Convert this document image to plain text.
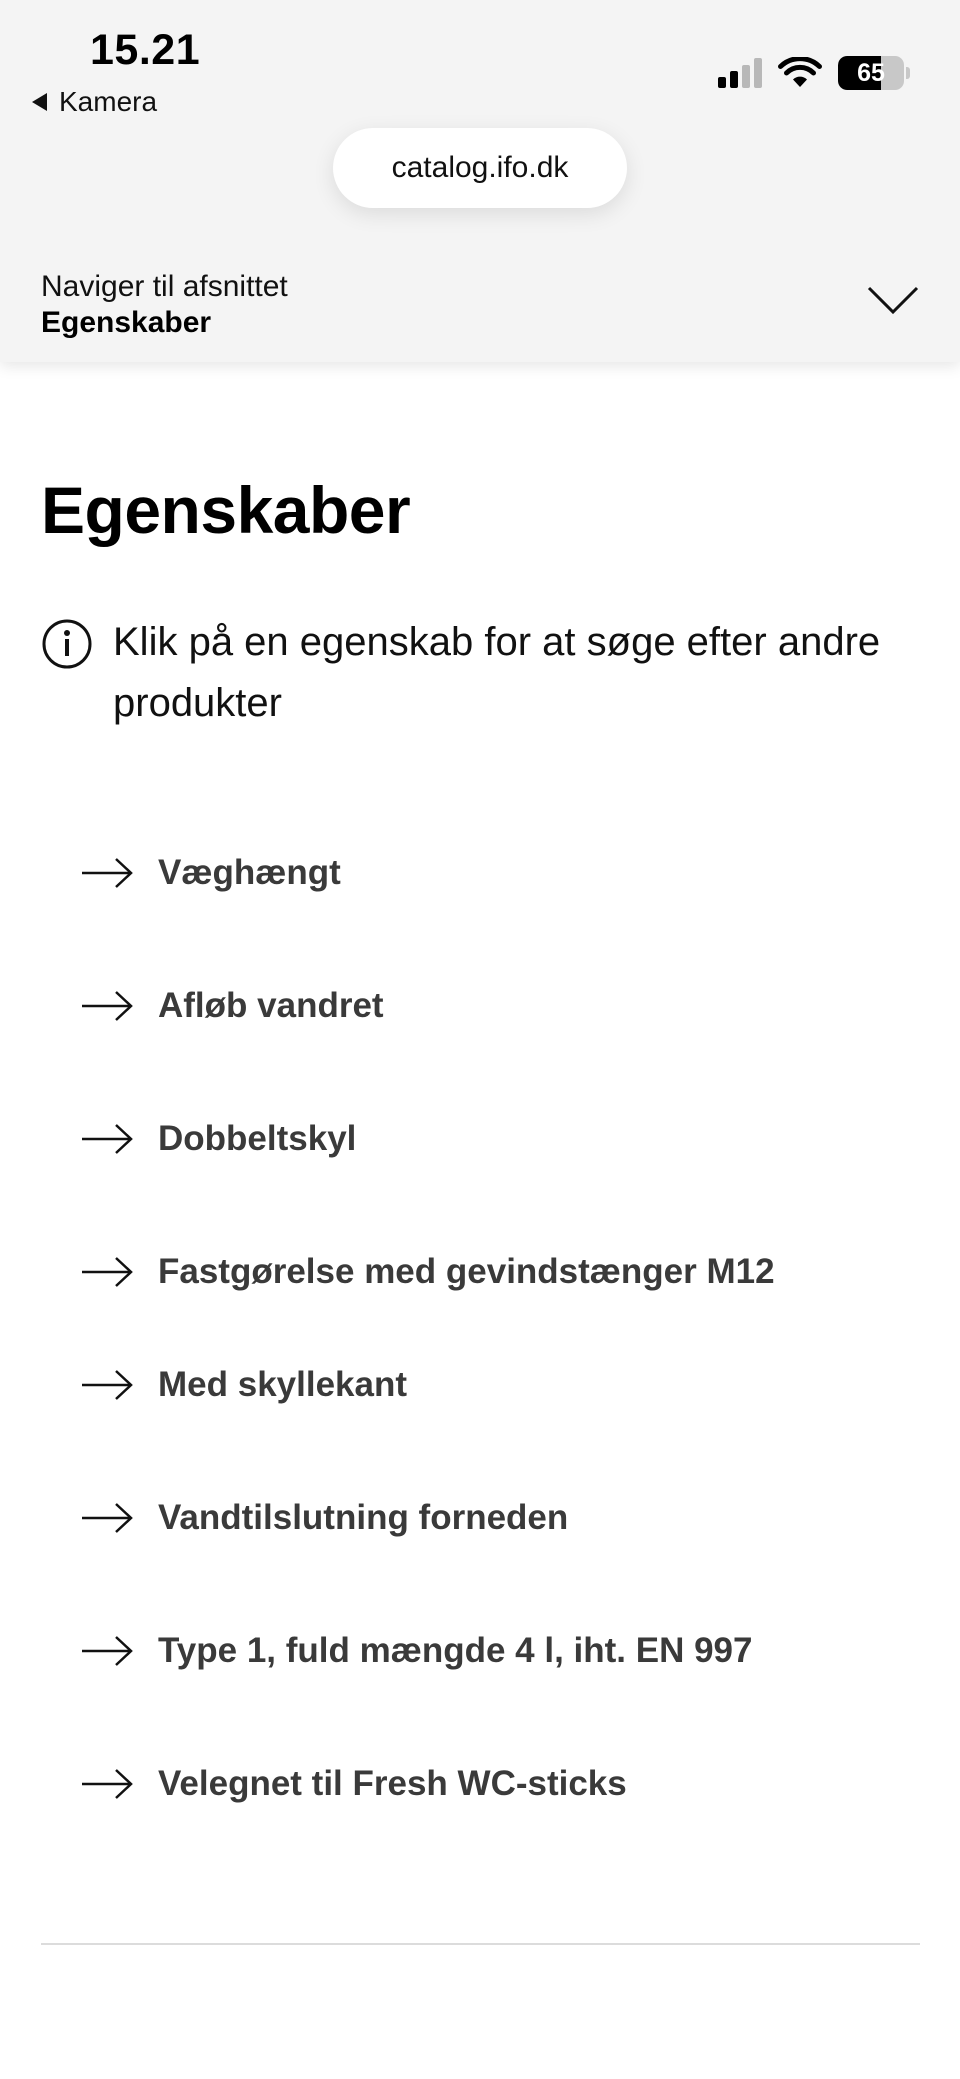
15.21
Kamera
65
catalog.ifo.dk
Naviger til afsnittet
Egenskaber
Egenskaber
Klik på en egenskab for at søge efter andre produkter
Væghængt
Afløb vandret
Dobbeltskyl
Fastgørelse med gevindstænger M12
Med skyllekant
Vandtilslutning forneden
Type 1, fuld mængde 4 l, iht. EN 997
Velegnet til Fresh WC-sticks
